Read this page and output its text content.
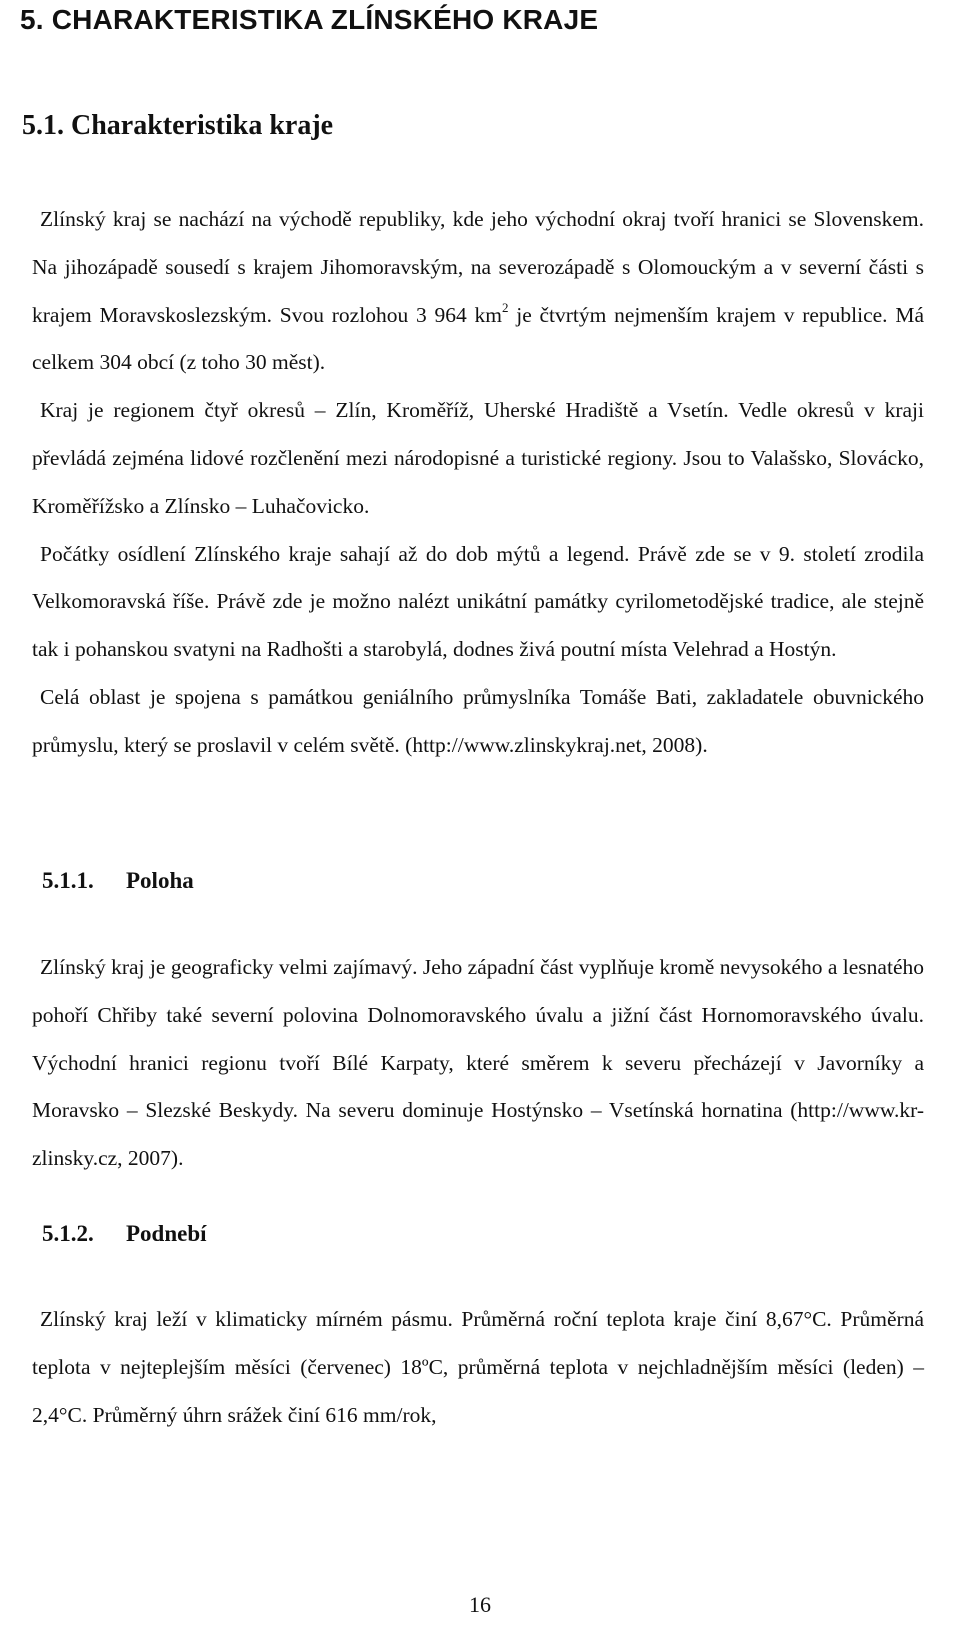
5. CHARAKTERISTIKA ZLÍNSKÉHO KRAJE
5.1. Charakteristika kraje

Zlínský kraj se nachází na východě republiky, kde jeho východní okraj tvoří hranici se Slovenskem. Na jihozápadě sousedí s krajem Jihomoravským, na severozápadě s Olomouckým a v severní části s krajem Moravskoslezským. Svou rozlohou 3 964 $km^2$ je čtvrtým nejmenším krajem v republice. Má celkem 304 obcí (z toho 30 měst).

Kraj je regionem čtyř okresů – Zlín, Kroměříž, Uherské Hradiště a Vsetín. Vedle okresů v kraji převládá zejména lidové rozčlenění mezi národopisné a turistické regiony. Jsou to Valašsko, Slovácko, Kroměřížsko a Zlínsko – Luhačovicko.

Počátky osídlení Zlínského kraje sahají až do dob mýtů a legend. Právě zde se v 9. století zrodila Velkomoravská říše. Právě zde je možno nalézt unikátní památky cyrilometodějské tradice, ale stejně tak i pohanskou svatyni na Radhošti a starobylá, dodnes živá poutní místa Velehrad a Hostýn.

Celá oblast je spojena s památkou geniálního průmyslníka Tomáše Bati, zakladatele obuvnického průmyslu, který se proslavil v celém světě. (http://www.zlinskykraj.net, 2008).

5.1.1. Poloha

Zlínský kraj je geograficky velmi zajímavý. Jeho západní část vyplňuje kromě nevysokého a lesnatého pohoří Chřiby také severní polovina Dolnomoravského úvalu a jižní část Hornomoravského úvalu. Východní hranici regionu tvoří Bílé Karpaty, které směrem k severu přecházejí v Javorníky a Moravsko – Slezské Beskydy. Na severu dominuje Hostýnsko – Vsetínská hornatina (http://www.kr-zlinsky.cz, 2007).

5.1.2. Podnebí

Zlínský kraj leží v klimaticky mírném pásmu. Průměrná roční teplota kraje činí 8,67°C. Průměrná teplota v nejteplejším měsíci (červenec) 18ºC, průměrná teplota v nejchladnějším měsíci (leden) –2,4°C. Průměrný úhrn srážek činí 616 mm/rok,

16
